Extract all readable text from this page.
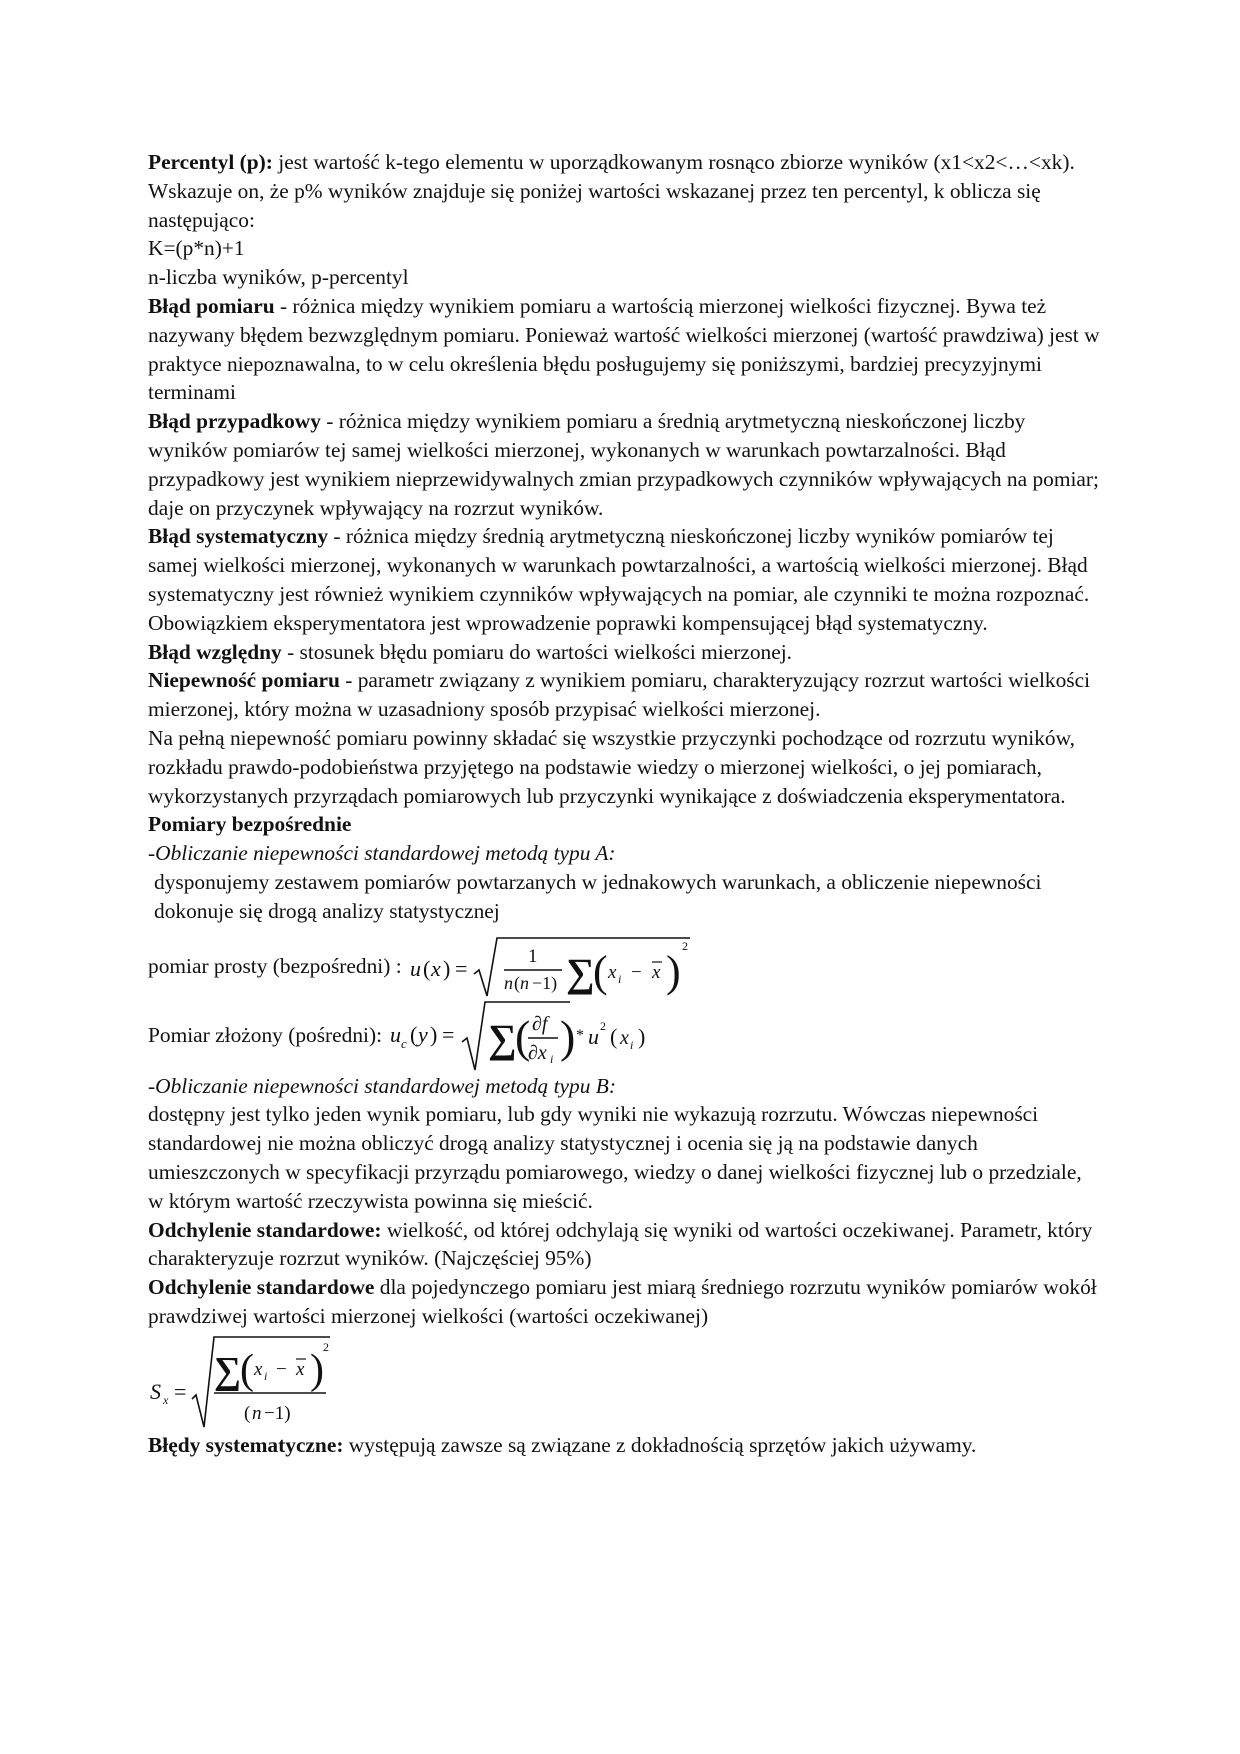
Percentyl (p): jest wartość k-tego elementu w uporządkowanym rosnąco zbiorze wyników (x1<x2<…<xk). Wskazuje on, że p% wyników znajduje się poniżej wartości wskazanej przez ten percentyl, k oblicza się następująco:

K=(p*n)+1

n-liczba wyników, p-percentyl

Błąd pomiaru - różnica między wynikiem pomiaru a wartością mierzonej wielkości fizycznej. Bywa też nazywany błędem bezwzględnym pomiaru. Ponieważ wartość wielkości mierzonej (wartość prawdziwa) jest w praktyce niepoznawalna, to w celu określenia błędu posługujemy się poniższymi, bardziej precyzyjnymi terminami

Błąd przypadkowy - różnica między wynikiem pomiaru a średnią arytmetyczną nieskończonej liczby wyników pomiarów tej samej wielkości mierzonej, wykonanych w warunkach powtarzalności. Błąd przypadkowy jest wynikiem nieprzewidywalnych zmian przypadkowych czynników wpływających na pomiar; daje on przyczynek wpływający na rozrzut wyników.

Błąd systematyczny - różnica między średnią arytmetyczną nieskończonej liczby wyników pomiarów tej samej wielkości mierzonej, wykonanych w warunkach powtarzalności, a wartością wielkości mierzonej. Błąd systematyczny jest również wynikiem czynników wpływających na pomiar, ale czynniki te można rozpoznać. Obowiązkiem eksperymentatora jest wprowadzenie poprawki kompensującej błąd systematyczny.

Błąd względny - stosunek błędu pomiaru do wartości wielkości mierzonej.

Niepewność pomiaru - parametr związany z wynikiem pomiaru, charakteryzujący rozrzut wartości wielkości mierzonej, który można w uzasadniony sposób przypisać wielkości mierzonej.

Na pełną niepewność pomiaru powinny składać się wszystkie przyczynki pochodzące od rozrzutu wyników, rozkładu prawdo-podobieństwa przyjętego na podstawie wiedzy o mierzonej wielkości, o jej pomiarach, wykorzystanych przyrządach pomiarowych lub przyczynki wynikające z doświadczenia eksperymentatora.

Pomiary bezpośrednie

-Obliczanie niepewności standardowej metodą typu A:

dysponujemy zestawem pomiarów powtarzanych w jednakowych warunkach, a obliczenie niepewności dokonuje się drogą analizy statystycznej

pomiar prosty (bezpośredni) : u ( x ) =	1
n ( n −1) ∑
( x i − x )
2
Pomiar złożony (pośredni): u c ( y ) = ∑
( ∂f
∂x i ) * u 2 ( x i )

-Obliczanie niepewności standardowej metodą typu B:

dostępny jest tylko jeden wynik pomiaru, lub gdy wyniki nie wykazują rozrzutu. Wówczas niepewności standardowej nie można obliczyć drogą analizy statystycznej i ocenia się ją na podstawie danych umieszczonych w specyfikacji przyrządu pomiarowego, wiedzy o danej wielkości fizycznej lub o przedziale, w którym wartość rzeczywista powinna się mieścić.

Odchylenie standardowe: wielkość, od której odchylają się wyniki od wartości oczekiwanej. Parametr, który charakteryzuje rozrzut wyników. (Najczęściej 95%)

Odchylenie standardowe dla pojedynczego pomiaru jest miarą średniego rozrzutu wyników pomiarów wokół prawdziwej wartości mierzonej wielkości (wartości oczekiwanej)

S x = ∑
( x i − x ) 2
( n −1)

Błędy systematyczne: występują zawsze są związane z dokładnością sprzętów jakich używamy.
